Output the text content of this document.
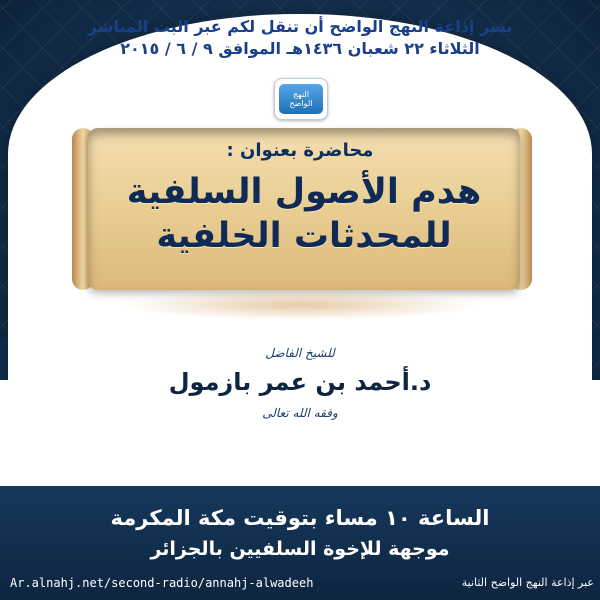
يسر إذاعة النهج الواضح أن تنقل لكم عبر البث المباشر
الثلاثاء ٢٢ شعبان ١٤٣٦هـ الموافق ٩ / ٦ / ٢٠١٥
النهج
الواضح
محاضرة بعنوان :
هدم الأصول السلفية
للمحدثات الخلفية
للشيخ الفاضل
د.أحمد بن عمر بازمول
وفقه الله تعالى
الساعة ١٠ مساء بتوقيت مكة المكرمة
موجهة للإخوة السلفيين بالجزائر
Ar.alnahj.net/second-radio/annahj-alwadeeh	عبر إذاعة النهج الواضح الثانية
